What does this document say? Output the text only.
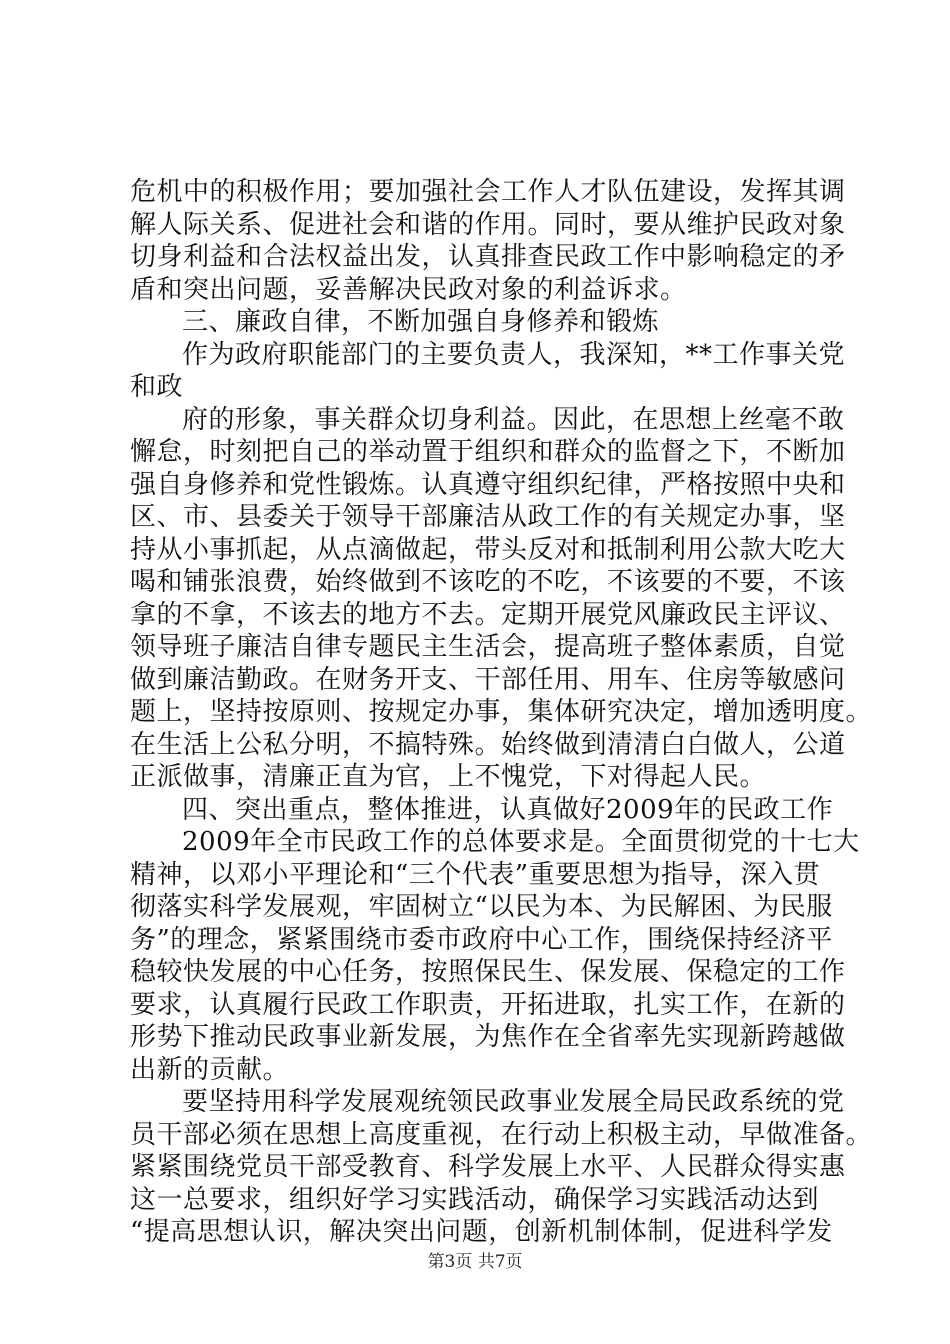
危机中的积极作用；要加强社会工作人才队伍建设，发挥其调
解人际关系、促进社会和谐的作用。同时，要从维护民政对象
切身利益和合法权益出发，认真排查民政工作中影响稳定的矛
盾和突出问题，妥善解决民政对象的利益诉求。
三、廉政自律，不断加强自身修养和锻炼
作为政府职能部门的主要负责人，我深知，**工作事关党
和政
府的形象，事关群众切身利益。因此，在思想上丝毫不敢
懈怠，时刻把自己的举动置于组织和群众的监督之下，不断加
强自身修养和党性锻炼。认真遵守组织纪律，严格按照中央和
区、市、县委关于领导干部廉洁从政工作的有关规定办事，坚
持从小事抓起，从点滴做起，带头反对和抵制利用公款大吃大
喝和铺张浪费，始终做到不该吃的不吃，不该要的不要，不该
拿的不拿，不该去的地方不去。定期开展党风廉政民主评议、
领导班子廉洁自律专题民主生活会，提高班子整体素质，自觉
做到廉洁勤政。在财务开支、干部任用、用车、住房等敏感问
题上，坚持按原则、按规定办事，集体研究决定，增加透明度。
在生活上公私分明，不搞特殊。始终做到清清白白做人，公道
正派做事，清廉正直为官，上不愧党，下对得起人民。
四、突出重点，整体推进，认真做好2009年的民政工作
2009年全市民政工作的总体要求是。全面贯彻党的十七大
精神，以邓小平理论和“三个代表”重要思想为指导，深入贯
彻落实科学发展观，牢固树立“以民为本、为民解困、为民服
务”的理念，紧紧围绕市委市政府中心工作，围绕保持经济平
稳较快发展的中心任务，按照保民生、保发展、保稳定的工作
要求，认真履行民政工作职责，开拓进取，扎实工作，在新的
形势下推动民政事业新发展，为焦作在全省率先实现新跨越做
出新的贡献。
要坚持用科学发展观统领民政事业发展全局民政系统的党
员干部必须在思想上高度重视，在行动上积极主动，早做准备。
紧紧围绕党员干部受教育、科学发展上水平、人民群众得实惠
这一总要求，组织好学习实践活动，确保学习实践活动达到
“提高思想认识，解决突出问题，创新机制体制，促进科学发
第3页 共7页
